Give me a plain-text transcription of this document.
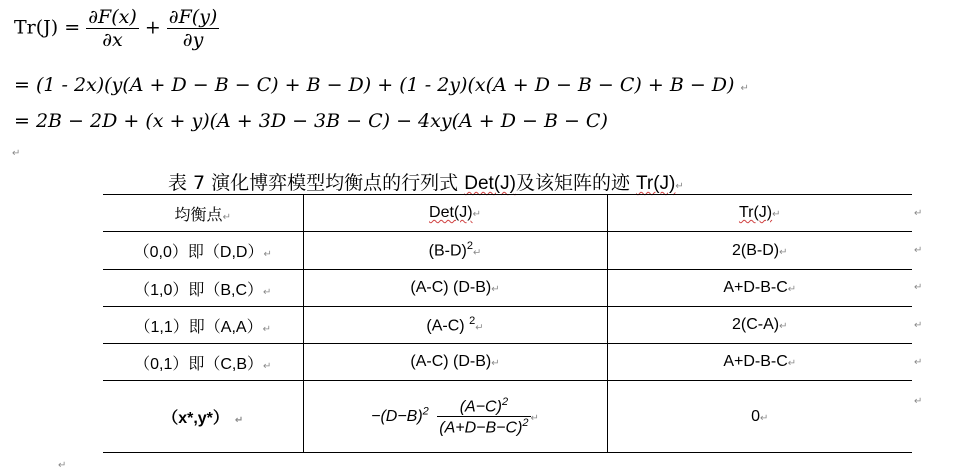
$Tr(J) = \frac{\partial F(x)}{\partial x} + \frac{\partial F(y)}{\partial y}$
= (1 - 2x)(y(A + D − B − C) + B − D) + (1 - 2y)(x(A + D − B − C) + B − D) ↵
= 2B − 2D + (x + y)(A + 3D − 3B − C) − 4xy(A + D − B − C)
↵
表 7 演化博弈模型均衡点的行列式 Det(J)及该矩阵的迹 Tr(J)↵
均衡点↵	Det(J)↵	Tr(J)↵
（0,0）即（D,D）↵	$(B-D)^2↵$	2(B-D)↵
（1,0）即（B,C）↵	(A-C) (D-B)↵	A+D-B-C↵
（1,1）即（A,A）↵	(A-C) $^2$↵	2(C-A)↵
（0,1）即（C,B）↵	(A-C) (D-B)↵	A+D-B-C↵
（x*,y*） ↵	$-(D-B)^2 \frac{(A-C)^2}{(A+D-B-C)^2}$ ↵	0↵
↵
↵
↵
↵
↵
↵
↵
